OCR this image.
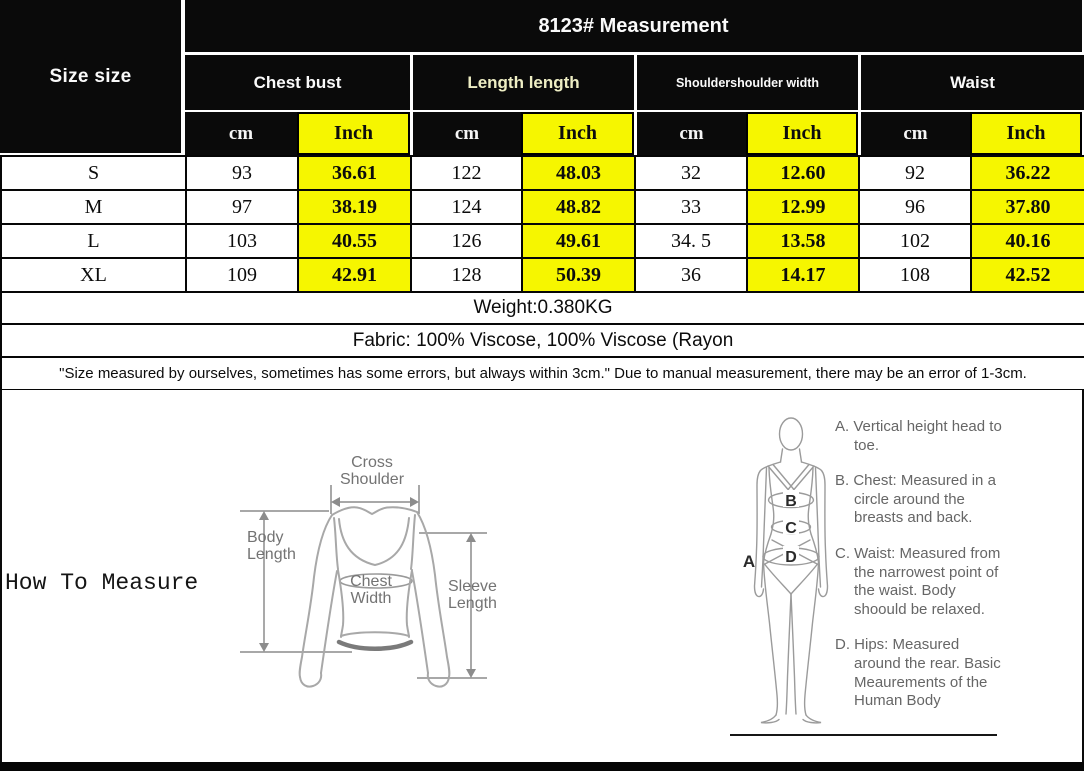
Size size
8123# Measurement
Chest bust	Length length	Shouldershoulder width	Waist
cm	Inch	cm	Inch	cm	Inch	cm	Inch
S	93	36.61	122	48.03	32	12.60	92	36.22
M	97	38.19	124	48.82	33	12.99	96	37.80
L	103	40.55	126	49.61	34. 5	13.58	102	40.16
XL	109	42.91	128	50.39	36	14.17	108	42.52
Weight:0.380KG								
Fabric: 100% Viscose, 100% Viscose (Rayon								
"Size measured by ourselves, sometimes has some errors, but always within 3cm." Due to manual measurement, there may be an error of 1-3cm.								
How To Measure
Cross Shoulder
Body Length
Chest Width
Sleeve Length
A
B
C
D

A. Vertical height head to toe.

B. Chest: Measured in a circle around the breasts and back.

C. Waist: Measured from the narrowest point of the waist. Body shoould be relaxed.

D. Hips: Measured around the rear. Basic Meaurements of the Human Body
